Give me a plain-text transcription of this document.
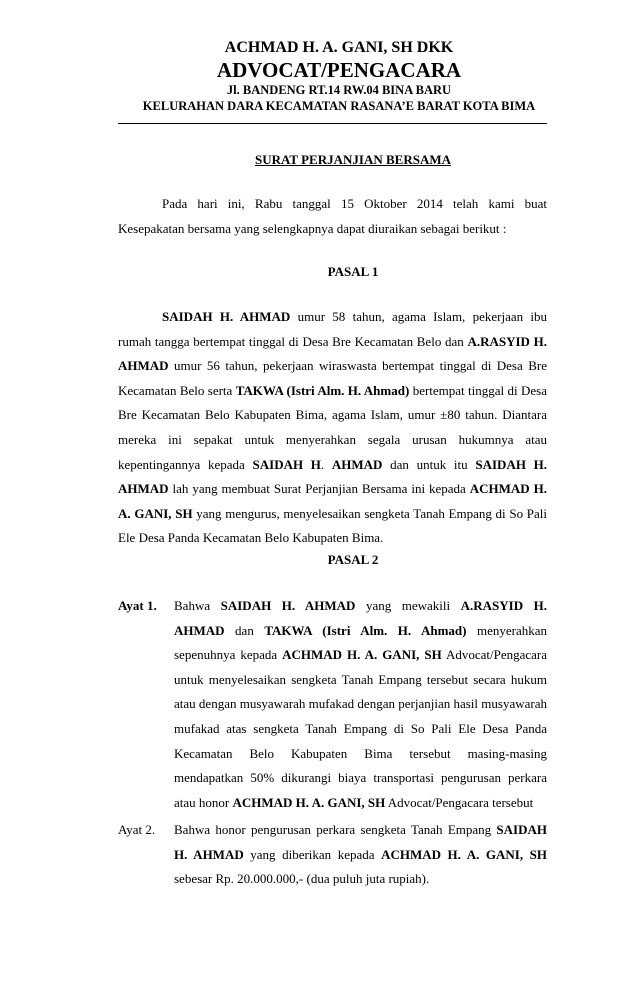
ACHMAD H. A. GANI, SH DKK
ADVOCAT/PENGACARA
Jl. BANDENG RT.14 RW.04 BINA BARU
KELURAHAN DARA KECAMATAN RASANA’E BARAT KOTA BIMA
SURAT PERJANJIAN BERSAMA
Pada hari ini, Rabu tanggal 15 Oktober 2014 telah kami buat Kesepakatan bersama yang selengkapnya dapat diuraikan sebagai berikut :
PASAL 1
SAIDAH H. AHMAD umur 58 tahun, agama Islam, pekerjaan ibu rumah tangga bertempat tinggal di Desa Bre Kecamatan Belo dan A.RASYID H. AHMAD umur 56 tahun, pekerjaan wiraswasta bertempat tinggal di Desa Bre Kecamatan Belo serta TAKWA (Istri Alm. H. Ahmad) bertempat tinggal di Desa Bre Kecamatan Belo Kabupaten Bima, agama Islam, umur ±80 tahun. Diantara mereka ini sepakat untuk menyerahkan segala urusan hukumnya atau kepentingannya kepada SAIDAH H. AHMAD dan untuk itu SAIDAH H. AHMAD lah yang membuat Surat Perjanjian Bersama ini kepada ACHMAD H. A. GANI, SH yang mengurus, menyelesaikan sengketa Tanah Empang di So Pali Ele Desa Panda Kecamatan Belo Kabupaten Bima.
PASAL 2
Ayat 1. Bahwa SAIDAH H. AHMAD yang mewakili A.RASYID H. AHMAD dan TAKWA (Istri Alm. H. Ahmad) menyerahkan sepenuhnya kepada ACHMAD H. A. GANI, SH Advocat/Pengacara untuk menyelesaikan sengketa Tanah Empang tersebut secara hukum atau dengan musyawarah mufakad dengan perjanjian hasil musyawarah mufakad atas sengketa Tanah Empang di So Pali Ele Desa Panda Kecamatan Belo Kabupaten Bima tersebut masing-masing mendapatkan 50% dikurangi biaya transportasi pengurusan perkara atau honor ACHMAD H. A. GANI, SH Advocat/Pengacara tersebut
Ayat 2. Bahwa honor pengurusan perkara sengketa Tanah Empang SAIDAH H. AHMAD yang diberikan kepada ACHMAD H. A. GANI, SH sebesar Rp. 20.000.000,- (dua puluh juta rupiah).
